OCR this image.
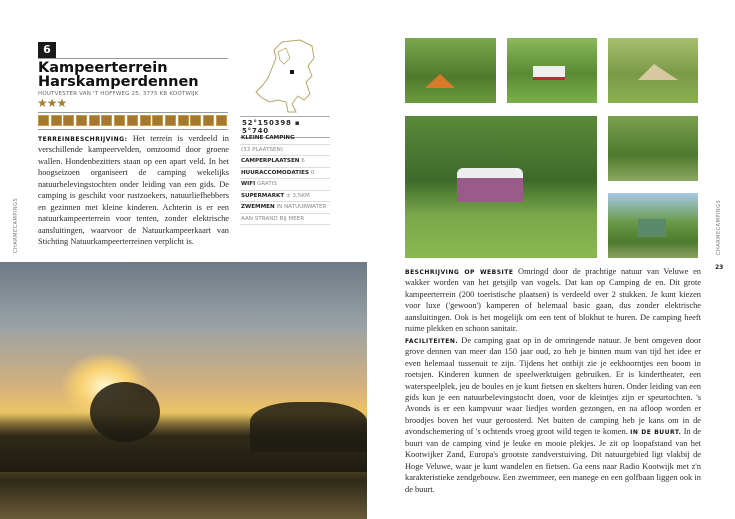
6
Kampeerterrein
Harskamperdennen
HOUTVESTER VAN 'T HOFFWEG 25, 3775 KB KOOTWIJK
★★★
52°150398 ▪ 5°740
KLEINE CAMPING
(33 PLAATSEN)
CAMPERPLAATSEN 6
HUURACCOMODATIES 0
WIFI GRATIS
SUPERMARKT ± 3,5KM
ZWEMMEN IN NATUURWATER
AAN STRAND BIJ MEER
TERREINBESCHRIJVING: Het terrein is verdeeld in verschillende kampeervelden, omzoomd door groene wallen. Hondenbezitters staan op een apart veld. In het hoogseizoen organiseert de camping wekelijks natuurbelevingstochten onder leiding van een gids. De camping is geschikt voor rustzoekers, natuurliefhebbers en gezinnen met kleine kinderen. Achterin is er een natuurkampeerterrein voor tenten, zonder elektrische aansluitingen, waarvoor de Natuurkampeerkaart van Stichting Natuurkampeerterreinen verplicht is.
CHARMECAMPINGS	CHARMECAMPINGS
23
BESCHRIJVING OP WEBSITE Omringd door de prachtige natuur van Veluwe en wakker worden van het getsjilp van vogels. Dat kan op Camping de en. Dit grote kampeerterrein (200 toeristische plaatsen) is verdeeld over 2 stukken. Je kunt kiezen voor luxe ('gewoon') kamperen of helemaal basic gaan, dus zonder elektrische aansluitingen. Ook is het mogelijk om een tent of blokhut te huren. De camping heeft ruime plekken en schoon sanitair.
FACILITEITEN. De camping gaat op in de omringende natuur. Je bent omgeven door grove dennen van meer dan 150 jaar oud, zo heb je binnen mum van tijd het idee er even helemaal tussenuit te zijn. Tijdens het ontbijt zie je eekhoorntjes een boom in roetsjen. Kinderen kunnen de speelwerktuigen gebruiken. Er is kindertheater, een waterspeelplek, jeu de boules en je kunt fietsen en skelters huren. Onder leiding van een gids kun je een natuurbelevingstocht doen, voor de kleintjes zijn er speurtochten. 's Avonds is er een kampvuur waar liedjes worden gezongen, en na afloop worden er broodjes boven het vuur geroosterd. Net buiten de camping heb je kans om in de avondschemering of 's ochtends vroeg groot wild tegen te komen. IN DE BUURT. In de buurt van de camping vind je leuke en mooie plekjes. Je zit op loopafstand van het Kootwijker Zand, Europa's grootste zandverstuiving. Dit natuurgebied ligt vlakbij de Hoge Veluwe, waar je kunt wandelen en fietsen. Ga eens naar Radio Kootwijk met z'n karakteristieke zendgebouw. Een zwemmeer, een manege en een golfbaan liggen ook in de buurt.
